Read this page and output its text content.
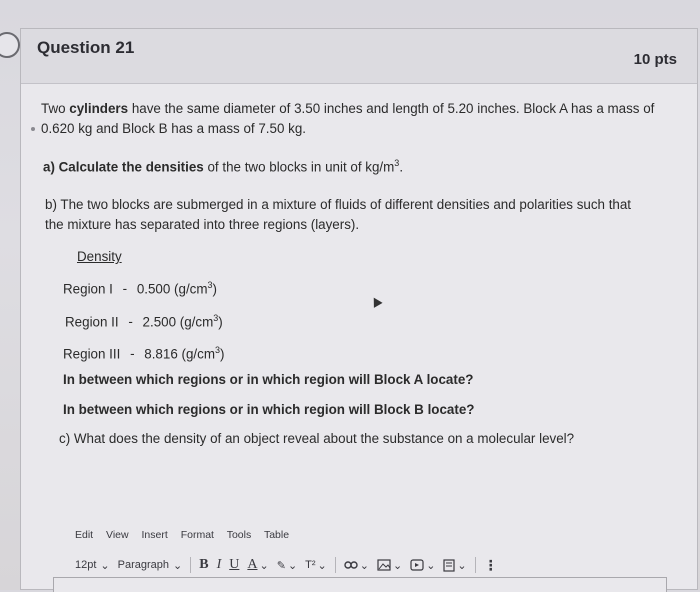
Question 21
10 pts

Two cylinders have the same diameter of 3.50 inches and length of 5.20 inches. Block A has a mass of

0.620 kg and Block B has a mass of 7.50 kg.

a) Calculate the densities of the two blocks in unit of $kg/m^3$.

b) The two blocks are submerged in a mixture of fluids of different densities and polarities such that

the mixture has separated into three regions (layers).

Density

Region I - 0.500 $(g/cm^3)$

Region II - 2.500 $(g/cm^3)$

Region III - 8.816 $(g/cm^3)$

In between which regions or in which region will Block A locate?

In between which regions or in which region will Block B locate?

c) What does the density of an object reveal about the substance on a molecular level?

Edit View Insert Format Tools Table
12pt ⌄ Paragraph ⌄ B I U A ⌄ ✎ ⌄ T² ⌄	⌄ ⌄ ⌄ ⌄ ⋮
